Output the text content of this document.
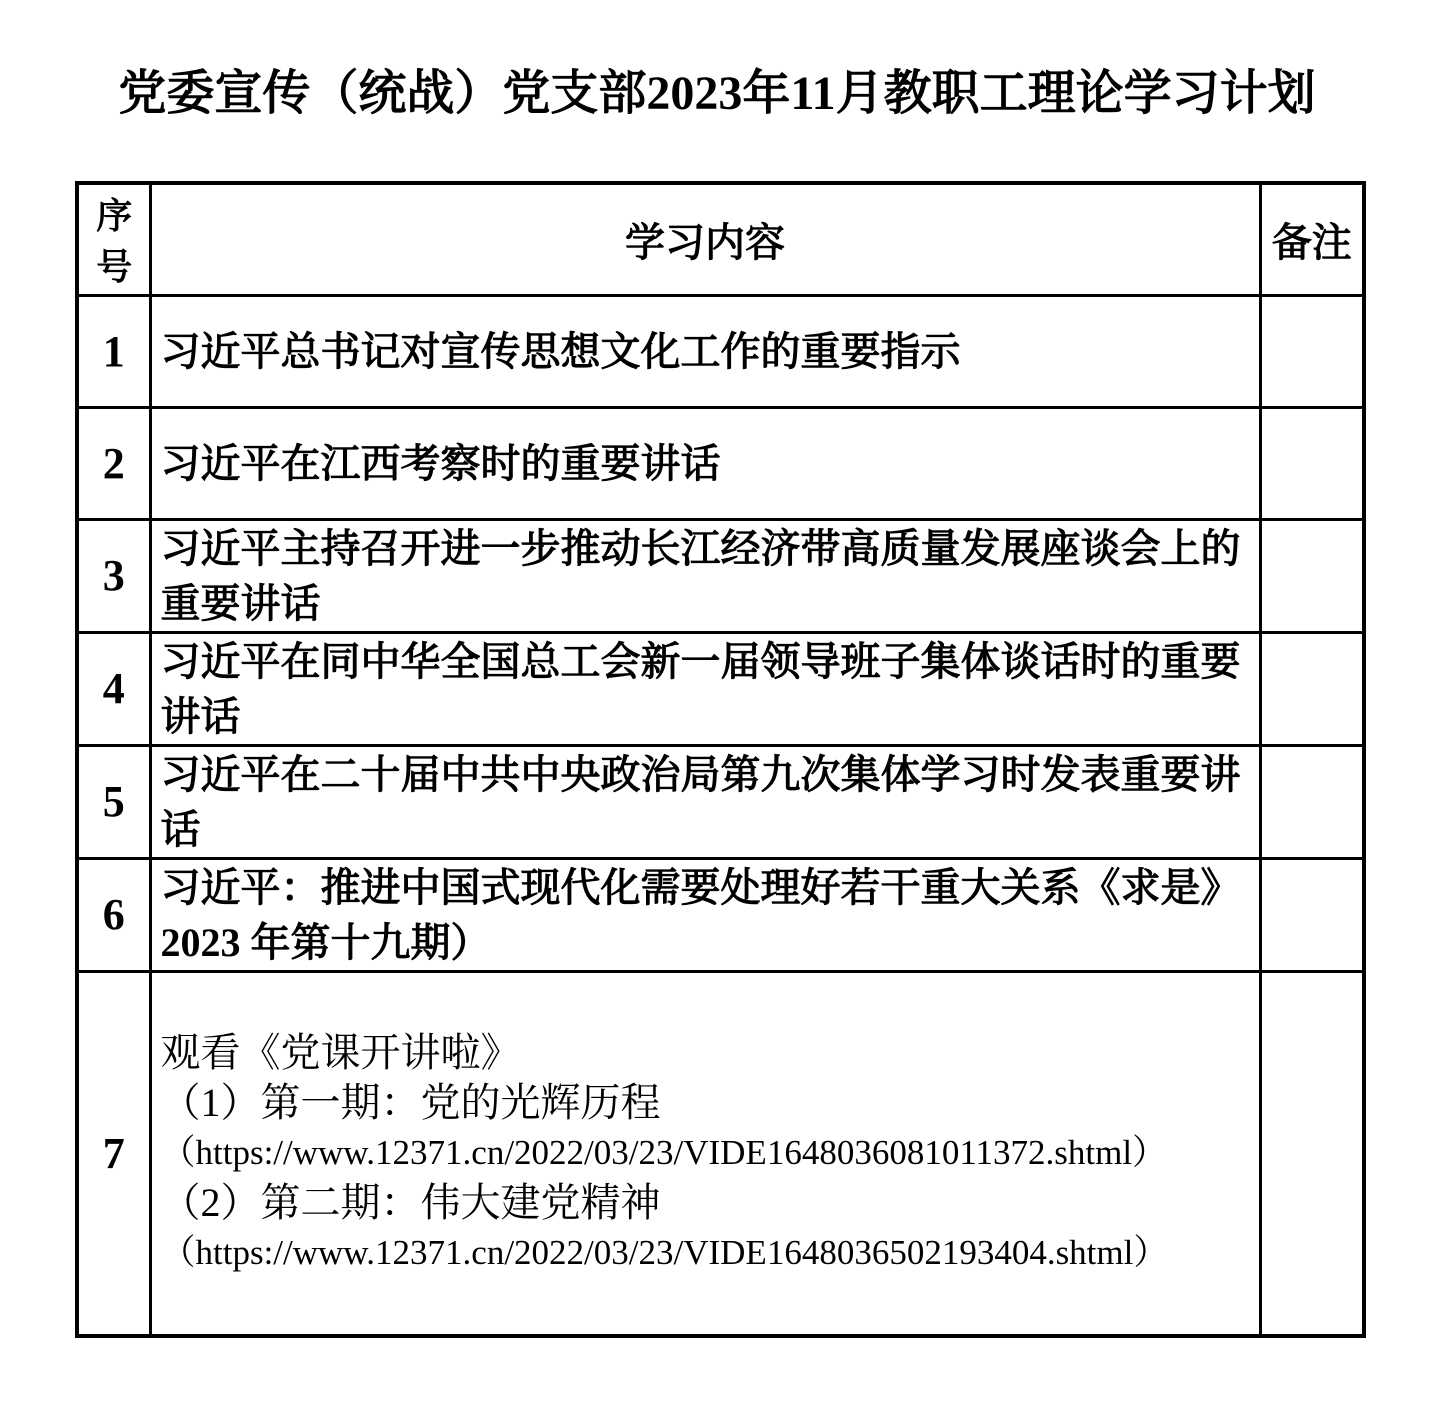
党委宣传（统战）党支部2023年11月教职工理论学习计划
序号	学习内容	备注
1	习近平总书记对宣传思想文化工作的重要指示	

2	习近平在江西考察时的重要讲话	

3	习近平主持召开进一步推动长江经济带高质量发展座谈会上的
重要讲话	

4	习近平在同中华全国总工会新一届领导班子集体谈话时的重要
讲话	

5	习近平在二十届中共中央政治局第九次集体学习时发表重要讲
话	

6	习近平：推进中国式现代化需要处理好若干重大关系《求是》
2023 年第十九期）	

7	观看《党课开讲啦》
（1）第一期：党的光辉历程
（https://www.12371.cn/2022/03/23/VIDE1648036081011372.shtml）
（2）第二期：伟大建党精神
（https://www.12371.cn/2022/03/23/VIDE1648036502193404.shtml）	
